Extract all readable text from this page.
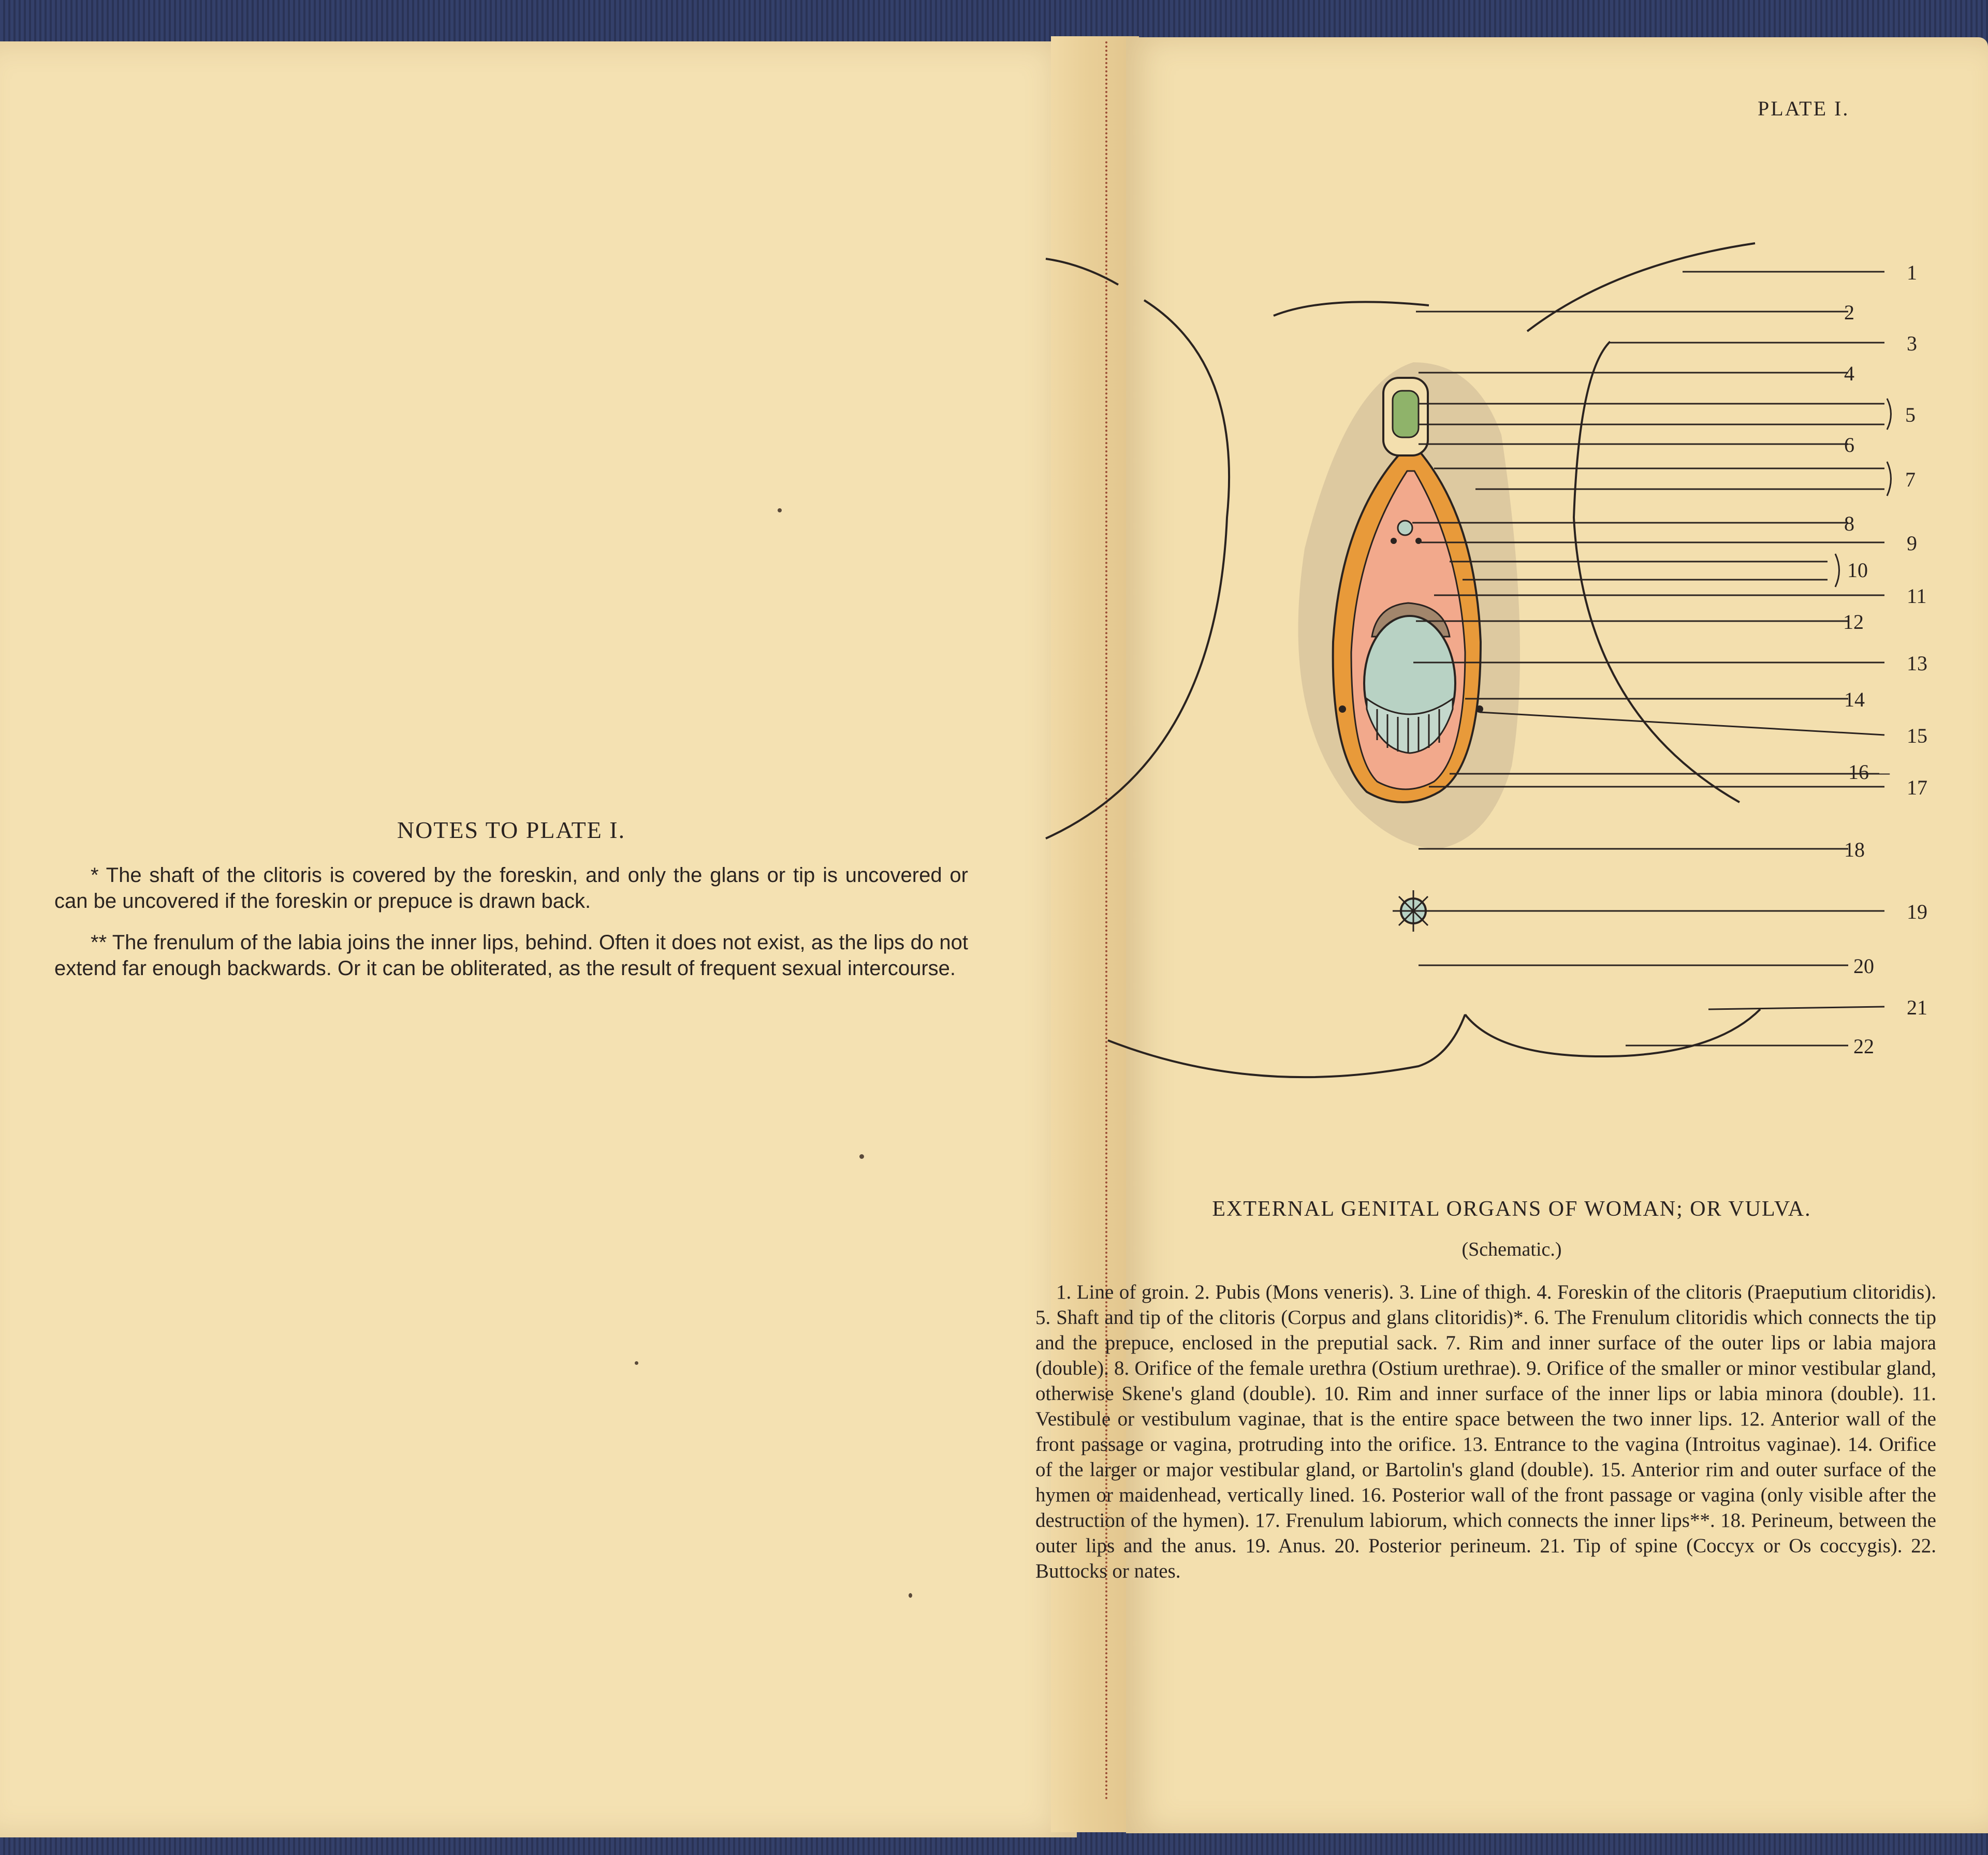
NOTES TO PLATE I.

* The shaft of the clitoris is covered by the foreskin, and only the glans or tip is uncovered or can be uncovered if the foreskin or prepuce is drawn back.

** The frenulum of the labia joins the inner lips, behind. Often it does not exist, as the lips do not extend far enough backwards. Or it can be obliterated, as the result of frequent sexual intercourse.

PLATE I.
1
2
3
4
5
6
7
8
9
10
11
12
13
14
15
16—
17
18
19
20
21
22
EXTERNAL GENITAL ORGANS OF WOMAN; OR VULVA.
(Schematic.)
1. Line of groin. 2. Pubis (Mons veneris). 3. Line of thigh. 4. Foreskin of the clitoris (Praeputium clitoridis). 5. Shaft and tip of the clitoris (Corpus and glans clitoridis)*. 6. The Frenulum clitoridis which connects the tip and the prepuce, enclosed in the preputial sack. 7. Rim and inner surface of the outer lips or labia majora (double). 8. Orifice of the female urethra (Ostium urethrae). 9. Orifice of the smaller or minor vestibular gland, otherwise Skene's gland (double). 10. Rim and inner surface of the inner lips or labia minora (double). 11. Vestibule or vestibulum vaginae, that is the entire space between the two inner lips. 12. Anterior wall of the front passage or vagina, protruding into the orifice. 13. Entrance to the vagina (Introitus vaginae). 14. Orifice of the larger or major vestibular gland, or Bartolin's gland (double). 15. Anterior rim and outer surface of the hymen or maidenhead, vertically lined. 16. Posterior wall of the front passage or vagina (only visible after the destruction of the hymen). 17. Frenulum labiorum, which connects the inner lips**. 18. Perineum, between the outer lips and the anus. 19. Anus. 20. Posterior perineum. 21. Tip of spine (Coccyx or Os coccygis). 22. Buttocks or nates.
